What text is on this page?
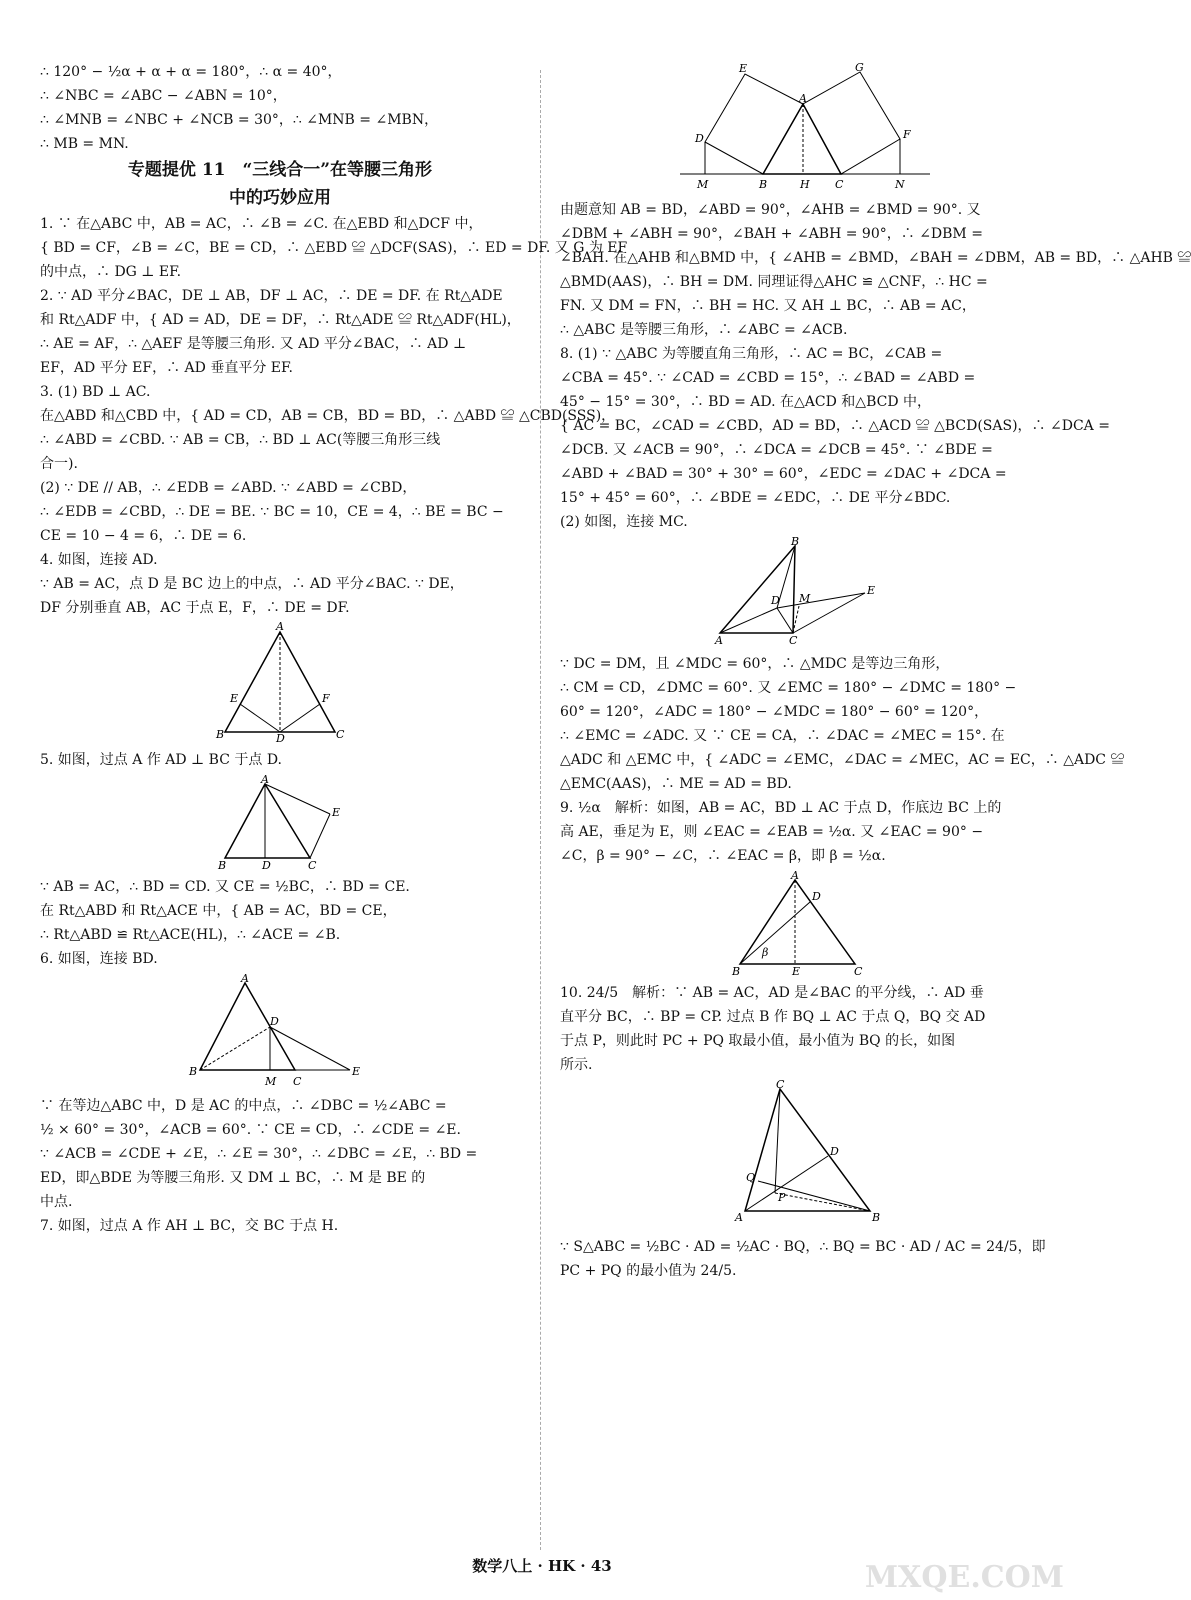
∴ 120° − ½α + α + α = 180°，∴ α = 40°，
∴ ∠NBC = ∠ABC − ∠ABN = 10°，
∴ ∠MNB = ∠NBC + ∠NCB = 30°，∴ ∠MNB = ∠MBN，
∴ MB = MN.
专题提优 11　“三线合一”在等腰三角形
中的巧妙应用
1. ∵ 在△ABC 中，AB = AC，∴ ∠B = ∠C. 在△EBD 和△DCF 中，
{ BD = CF，∠B = ∠C，BE = CD，∴ △EBD ≌ △DCF(SAS)，∴ ED = DF. 又 G 为 EF
的中点，∴ DG ⊥ EF.
2. ∵ AD 平分∠BAC，DE ⊥ AB，DF ⊥ AC，∴ DE = DF. 在 Rt△ADE
和 Rt△ADF 中，{ AD = AD，DE = DF，∴ Rt△ADE ≌ Rt△ADF(HL)，
∴ AE = AF，∴ △AEF 是等腰三角形. 又 AD 平分∠BAC，∴ AD ⊥
EF，AD 平分 EF，∴ AD 垂直平分 EF.
3. (1) BD ⊥ AC.
在△ABD 和△CBD 中，{ AD = CD，AB = CB，BD = BD，∴ △ABD ≌ △CBD(SSS)，
∴ ∠ABD = ∠CBD. ∵ AB = CB，∴ BD ⊥ AC(等腰三角形三线
合一).
(2) ∵ DE // AB，∴ ∠EDB = ∠ABD. ∵ ∠ABD = ∠CBD，
∴ ∠EDB = ∠CBD，∴ DE = BE. ∵ BC = 10，CE = 4，∴ BE = BC −
CE = 10 − 4 = 6，∴ DE = 6.
4. 如图，连接 AD.
∵ AB = AC，点 D 是 BC 边上的中点，∴ AD 平分∠BAC. ∵ DE，
DF 分别垂直 AB，AC 于点 E，F，∴ DE = DF.
A
B	C
D
E	F
5. 如图，过点 A 作 AD ⊥ BC 于点 D.
A
B	D	C
E
∵ AB = AC，∴ BD = CD. 又 CE = ½BC，∴ BD = CE.
在 Rt△ABD 和 Rt△ACE 中，{ AB = AC，BD = CE，
∴ Rt△ABD ≌ Rt△ACE(HL)，∴ ∠ACE = ∠B.
6. 如图，连接 BD.
A
B
D
M C
E
∵ 在等边△ABC 中，D 是 AC 的中点，∴ ∠DBC = ½∠ABC =
½ × 60° = 30°，∠ACB = 60°. ∵ CE = CD，∴ ∠CDE = ∠E.
∵ ∠ACB = ∠CDE + ∠E，∴ ∠E = 30°，∴ ∠DBC = ∠E，∴ BD =
ED，即△BDE 为等腰三角形. 又 DM ⊥ BC，∴ M 是 BE 的
中点.
7. 如图，过点 A 作 AH ⊥ BC，交 BC 于点 H.
A
B	H C
M	N
D
E	G
F
由题意知 AB = BD，∠ABD = 90°，∠AHB = ∠BMD = 90°. 又
∠DBM + ∠ABH = 90°，∠BAH + ∠ABH = 90°，∴ ∠DBM =
∠BAH. 在△AHB 和△BMD 中，{ ∠AHB = ∠BMD，∠BAH = ∠DBM，AB = BD，∴ △AHB ≌
△BMD(AAS)，∴ BH = DM. 同理证得△AHC ≌ △CNF，∴ HC =
FN. 又 DM = FN，∴ BH = HC. 又 AH ⊥ BC，∴ AB = AC，
∴ △ABC 是等腰三角形，∴ ∠ABC = ∠ACB.
8. (1) ∵ △ABC 为等腰直角三角形，∴ AC = BC，∠CAB =
∠CBA = 45°. ∵ ∠CAD = ∠CBD = 15°，∴ ∠BAD = ∠ABD =
45° − 15° = 30°，∴ BD = AD. 在△ACD 和△BCD 中，
{ AC = BC，∠CAD = ∠CBD，AD = BD，∴ △ACD ≌ △BCD(SAS)，∴ ∠DCA =
∠DCB. 又 ∠ACB = 90°，∴ ∠DCA = ∠DCB = 45°. ∵ ∠BDE =
∠ABD + ∠BAD = 30° + 30° = 60°，∠EDC = ∠DAC + ∠DCA =
15° + 45° = 60°，∴ ∠BDE = ∠EDC，∴ DE 平分∠BDC.
(2) 如图，连接 MC.
B
A	C
D M
E
∵ DC = DM，且 ∠MDC = 60°，∴ △MDC 是等边三角形，
∴ CM = CD，∠DMC = 60°. 又 ∠EMC = 180° − ∠DMC = 180° −
60° = 120°，∠ADC = 180° − ∠MDC = 180° − 60° = 120°，
∴ ∠EMC = ∠ADC. 又 ∵ CE = CA，∴ ∠DAC = ∠MEC = 15°. 在
△ADC 和 △EMC 中，{ ∠ADC = ∠EMC，∠DAC = ∠MEC，AC = EC，∴ △ADC ≌
△EMC(AAS)，∴ ME = AD = BD.
9. ½α　解析：如图，AB = AC，BD ⊥ AC 于点 D，作底边 BC 上的
高 AE，垂足为 E，则 ∠EAC = ∠EAB = ½α. 又 ∠EAC = 90° −
∠C，β = 90° − ∠C，∴ ∠EAC = β，即 β = ½α.
A
B	E	C
D
β
10. 24/5　解析：∵ AB = AC，AD 是∠BAC 的平分线，∴ AD 垂
直平分 BC，∴ BP = CP. 过点 B 作 BQ ⊥ AC 于点 Q，BQ 交 AD
于点 P，则此时 PC + PQ 取最小值，最小值为 BQ 的长，如图
所示.
C
A	B
Q
P
D
∵ S△ABC = ½BC · AD = ½AC · BQ，∴ BQ = BC · AD / AC = 24/5，即
PC + PQ 的最小值为 24/5.
数学八上 · HK · 43	MXQE.COM
